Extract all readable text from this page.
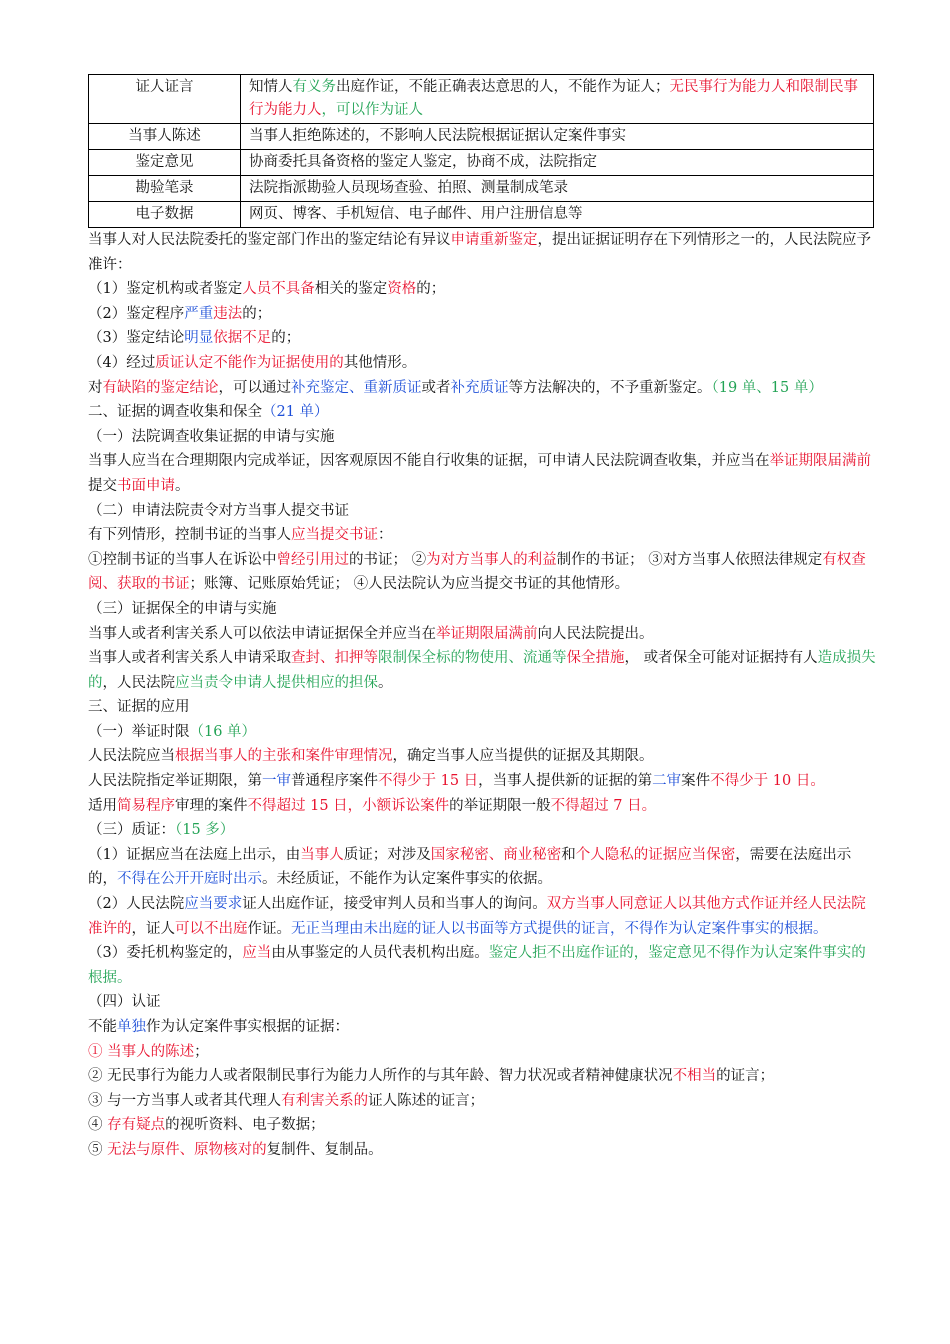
证人证言	知情人有义务出庭作证，不能正确表达意思的人，不能作为证人；无民事行为能力人和限制民事行为能力人，可以作为证人
当事人陈述	当事人拒绝陈述的，不影响人民法院根据证据认定案件事实
鉴定意见	协商委托具备资格的鉴定人鉴定，协商不成，法院指定
勘验笔录	法院指派勘验人员现场查验、拍照、测量制成笔录
电子数据	网页、博客、手机短信、电子邮件、用户注册信息等
当事人对人民法院委托的鉴定部门作出的鉴定结论有异议申请重新鉴定，提出证据证明存在下列情形之一的，人民法院应予准许：
（1）鉴定机构或者鉴定人员不具备相关的鉴定资格的；
（2）鉴定程序严重违法的；
（3）鉴定结论明显依据不足的；
（4）经过质证认定不能作为证据使用的其他情形。
对有缺陷的鉴定结论，可以通过补充鉴定、重新质证或者补充质证等方法解决的，不予重新鉴定。（19 单、15 单）
二、证据的调查收集和保全（21 单）
（一）法院调查收集证据的申请与实施
当事人应当在合理期限内完成举证，因客观原因不能自行收集的证据，可申请人民法院调查收集，并应当在举证期限届满前提交书面申请。
（二）申请法院责令对方当事人提交书证
有下列情形，控制书证的当事人应当提交书证：
①控制书证的当事人在诉讼中曾经引用过的书证； ②为对方当事人的利益制作的书证； ③对方当事人依照法律规定有权查阅、获取的书证；账簿、记账原始凭证； ④人民法院认为应当提交书证的其他情形。
（三）证据保全的申请与实施
当事人或者利害关系人可以依法申请证据保全并应当在举证期限届满前向人民法院提出。
当事人或者利害关系人申请采取查封、扣押等限制保全标的物使用、流通等保全措施， 或者保全可能对证据持有人造成损失的，人民法院应当责令申请人提供相应的担保。
三、证据的应用
（一）举证时限（16 单）
人民法院应当根据当事人的主张和案件审理情况，确定当事人应当提供的证据及其期限。
人民法院指定举证期限，第一审普通程序案件不得少于 15 日，当事人提供新的证据的第二审案件不得少于 10 日。
适用简易程序审理的案件不得超过 15 日，小额诉讼案件的举证期限一般不得超过 7 日。
（三）质证：（15 多）
（1）证据应当在法庭上出示，由当事人质证；对涉及国家秘密、商业秘密和个人隐私的证据应当保密，需要在法庭出示的，不得在公开开庭时出示。未经质证，不能作为认定案件事实的依据。
（2）人民法院应当要求证人出庭作证，接受审判人员和当事人的询问。双方当事人同意证人以其他方式作证并经人民法院准许的，证人可以不出庭作证。无正当理由未出庭的证人以书面等方式提供的证言，不得作为认定案件事实的根据。
（3）委托机构鉴定的，应当由从事鉴定的人员代表机构出庭。鉴定人拒不出庭作证的，鉴定意见不得作为认定案件事实的根据。
（四）认证
不能单独作为认定案件事实根据的证据：
① 当事人的陈述；
② 无民事行为能力人或者限制民事行为能力人所作的与其年龄、智力状况或者精神健康状况不相当的证言；
③ 与一方当事人或者其代理人有利害关系的证人陈述的证言；
④ 存有疑点的视听资料、电子数据；
⑤ 无法与原件、原物核对的复制件、复制品。
